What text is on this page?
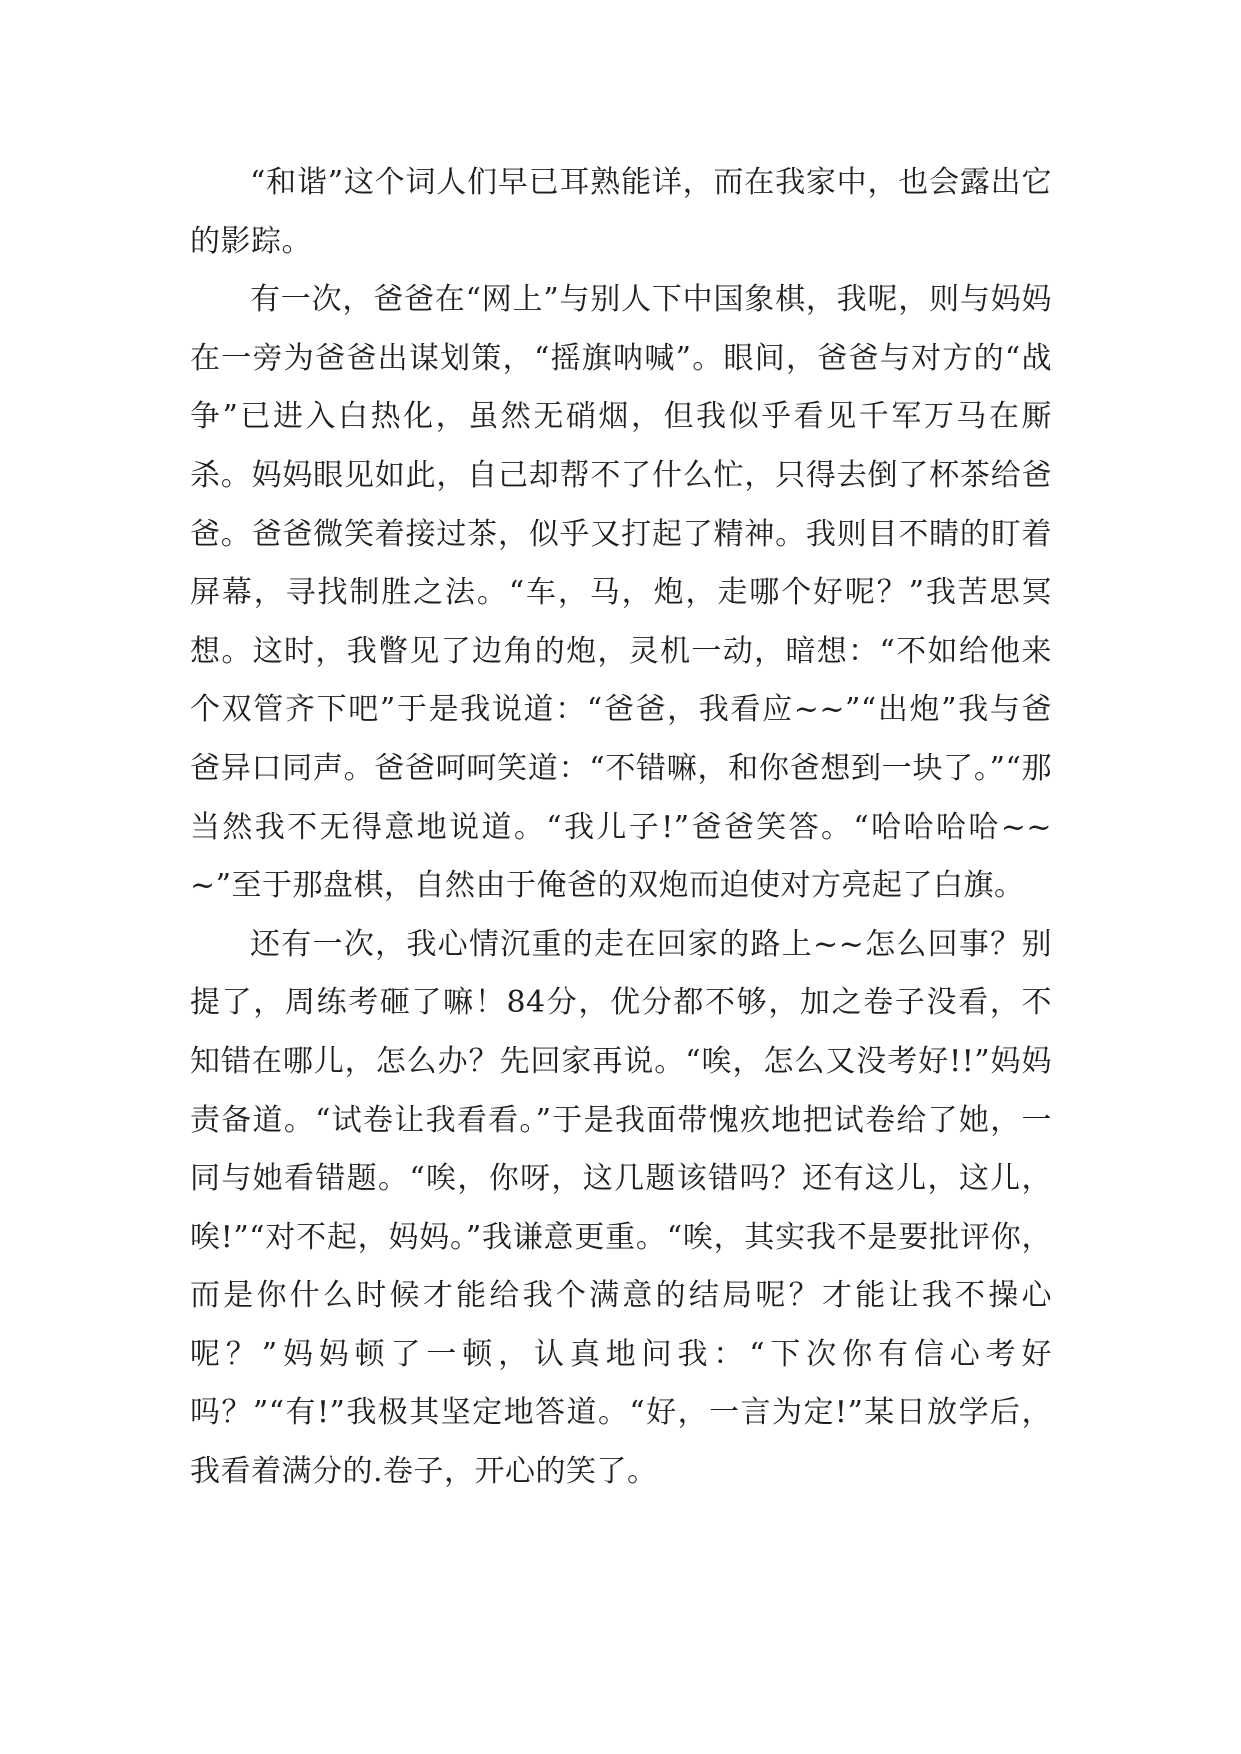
“和谐”这个词人们早已耳熟能详，而在我家中，也会露出它的影踪。

有一次，爸爸在“网上”与别人下中国象棋，我呢，则与妈妈在一旁为爸爸出谋划策，“摇旗呐喊”。眼间，爸爸与对方的“战争”已进入白热化，虽然无硝烟，但我似乎看见千军万马在厮杀。妈妈眼见如此，自己却帮不了什么忙，只得去倒了杯茶给爸爸。爸爸微笑着接过茶，似乎又打起了精神。我则目不睛的盯着屏幕，寻找制胜之法。“车，马，炮，走哪个好呢？”我苦思冥想。这时，我瞥见了边角的炮，灵机一动，暗想：“不如给他来个双管齐下吧”于是我说道：“爸爸，我看应~~”“出炮”我与爸爸异口同声。爸爸呵呵笑道：“不错嘛，和你爸想到一块了。”“那当然我不无得意地说道。“我儿子!”爸爸笑答。“哈哈哈哈~~~”至于那盘棋，自然由于俺爸的双炮而迫使对方亮起了白旗。

还有一次，我心情沉重的走在回家的路上~~怎么回事？别提了，周练考砸了嘛！84分，优分都不够，加之卷子没看，不知错在哪儿，怎么办？先回家再说。“唉，怎么又没考好!!”妈妈责备道。“试卷让我看看。”于是我面带愧疚地把试卷给了她，一同与她看错题。“唉，你呀，这几题该错吗？还有这儿，这儿，唉!”“对不起，妈妈。”我谦意更重。“唉，其实我不是要批评你，而是你什么时候才能给我个满意的结局呢？才能让我不操心呢？”妈妈顿了一顿，认真地问我：“下次你有信心考好吗？”“有!”我极其坚定地答道。“好，一言为定!”某日放学后，我看着满分的.卷子，开心的笑了。
